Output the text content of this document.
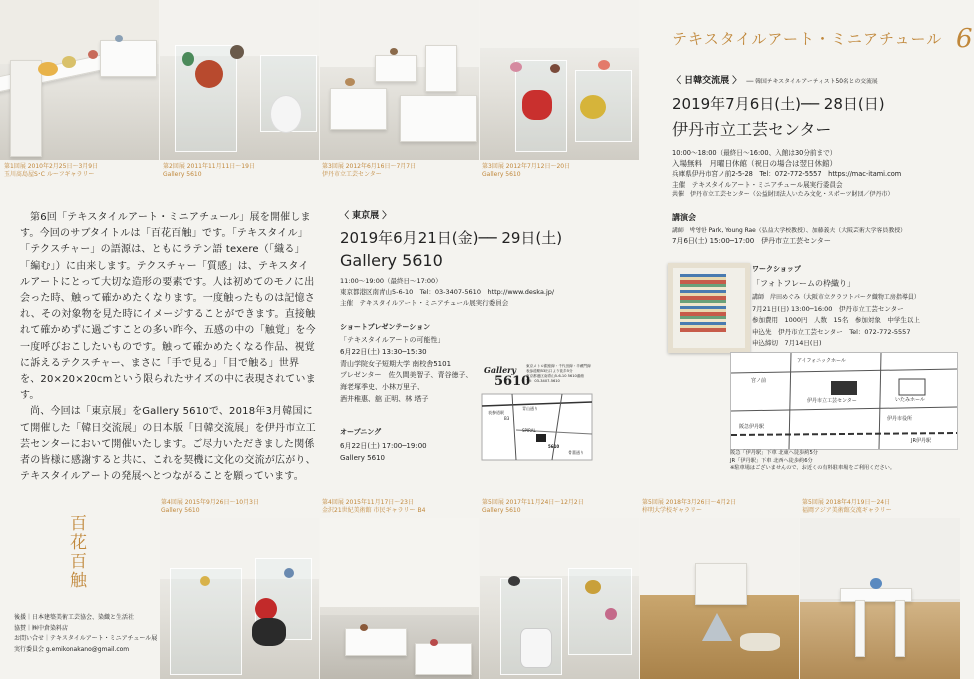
第1回展 2010年2月25日～3月9日
玉川髙島屋S･C ルーフギャラリー
第2回展 2011年11月11日～19日
Gallery 5610
第3回展 2012年6月16日～7月7日
伊丹市立工芸センター
第3回展 2012年7月12日～20日
Gallery 5610
テキスタイルアート・ミニアチュール 6
〈 日韓交流展 〉 ── 韓国テキスタイルアーティスト50名との交流展
2019年7月6日(土)── 28日(日)
伊丹市立工芸センター
10:00～18:00（最終日～16:00、入館は30分前まで）
入場無料　月曜日休館（祝日の場合は翌日休館）
兵庫県伊丹市宮ノ前2-5-28　Tel：072-772-5557　https://mac-itami.com
主催　テキスタイルアート・ミニアチュール展実行委員会
共催　伊丹市立工芸センター（公益財団法人いたみ文化・スポーツ財団／伊丹市）
講演会
講師　박영한 Park, Young Rae（弘益大学校教授）、加藤義夫（大阪芸術大学客員教授）
7月6日(土) 15:00─17:00　伊丹市立工芸センター
ワークショップ
「フォトフレームの枠織り」
講師　岸田めぐみ（大阪市立クラフトパーク織物工房指導員）
7月21日(日) 13:00─16:00　伊丹市立工芸センター
参加費用　1000円　人数　15名　参加対象　中学生以上
申込先　伊丹市立工芸センター　Tel：072-772-5557
申込締切　7月14日(日)
アイフォニックホール
宮ノ前
伊丹市立工芸センター	いたみホール
JR伊丹駅
阪急伊丹駅
伊丹市役所
阪急「伊丹駅」下車 北東へ徒歩約5分
JR「伊丹駅」下車 北西へ徒歩約6分
※駐車場はございませんので、お近くの有料駐車場をご利用ください。
第6回「テキスタイルアート・ミニアチュール」展を開催します。今回のサブタイトルは「百花百触」です。「テキスタイル」「テクスチャー」の語源は、ともにラテン語 texere（「織る」「編む」）に由来します。テクスチャー「質感」は、テキスタイルアートにとって大切な造形の要素です。人は初めてのモノに出会った時、触って確かめたくなります。一度触ったものは記憶され、その対象物を見た時にイメージすることができます。直接触れて確かめずに過ごすことの多い昨今、五感の中の「触覚」を今一度呼びおこしたいものです。触って確かめたくなる作品、視覚に訴えるテクスチャー、まさに「手で見る」「目で触る」世界を、20×20×20cmという限られたサイズの中に表現されています。
尚、今回は「東京展」をGallery 5610で、2018年3月韓国にて開催した「韓日交流展」の日本版「日韓交流展」を伊丹市立工芸センターにおいて開催いたします。ご尽力いただきました関係者の皆様に感謝すると共に、これを契機に文化の交流が広がり、テキスタイルアートの発展へとつながることを願っています。
〈 東京展 〉
2019年6月21日(金)── 29日(土)
Gallery 5610
11:00～19:00（最終日～17:00）
東京都港区南青山5-6-10　Tel：03-3407-5610　http://www.deska.jp/
主催　テキスタイルアート・ミニアチュール展実行委員会
ショートプレゼンテーション
「テキスタイルアートの可能性」
6月22日(土) 13:30─15:30
青山学院女子短期大学 南校舎5101
プレゼンター　佐久間美智子、青谷徳子、
海老塚季史、小林万里子、
酒井稚惠、舘 正明、林 塔子
オープニング
6月22日(土) 17:00─19:00
Gallery 5610
Gallery
5610
東京メトロ銀座線・千代田線・半蔵門線
表参道駅B3出口より徒歩5分
東京都港区南青山5-6-10 5610番館
Tel：03-3407-5610
青山通り
表参道駅
B3
5610
SPIRAL
骨董通り
百花百触
後援｜日本建築美術工芸協会、染織と生活社
協賛｜㈱中倉染料店
お問い合せ｜テキスタイルアート・ミニアチュール展
実行委員会 g.emikonakano@gmail.com
第4回展 2015年9月26日～10月3日
Gallery 5610
第4回展 2015年11月17日～23日
金沢21世紀美術館 市民ギャラリー B4
第5回展 2017年11月24日～12月2日
Gallery 5610
第5回展 2018年3月26日～4月2日
梓明大学校ギャラリー
第5回展 2018年4月19日～24日
福岡アジア美術館交流ギャラリー
